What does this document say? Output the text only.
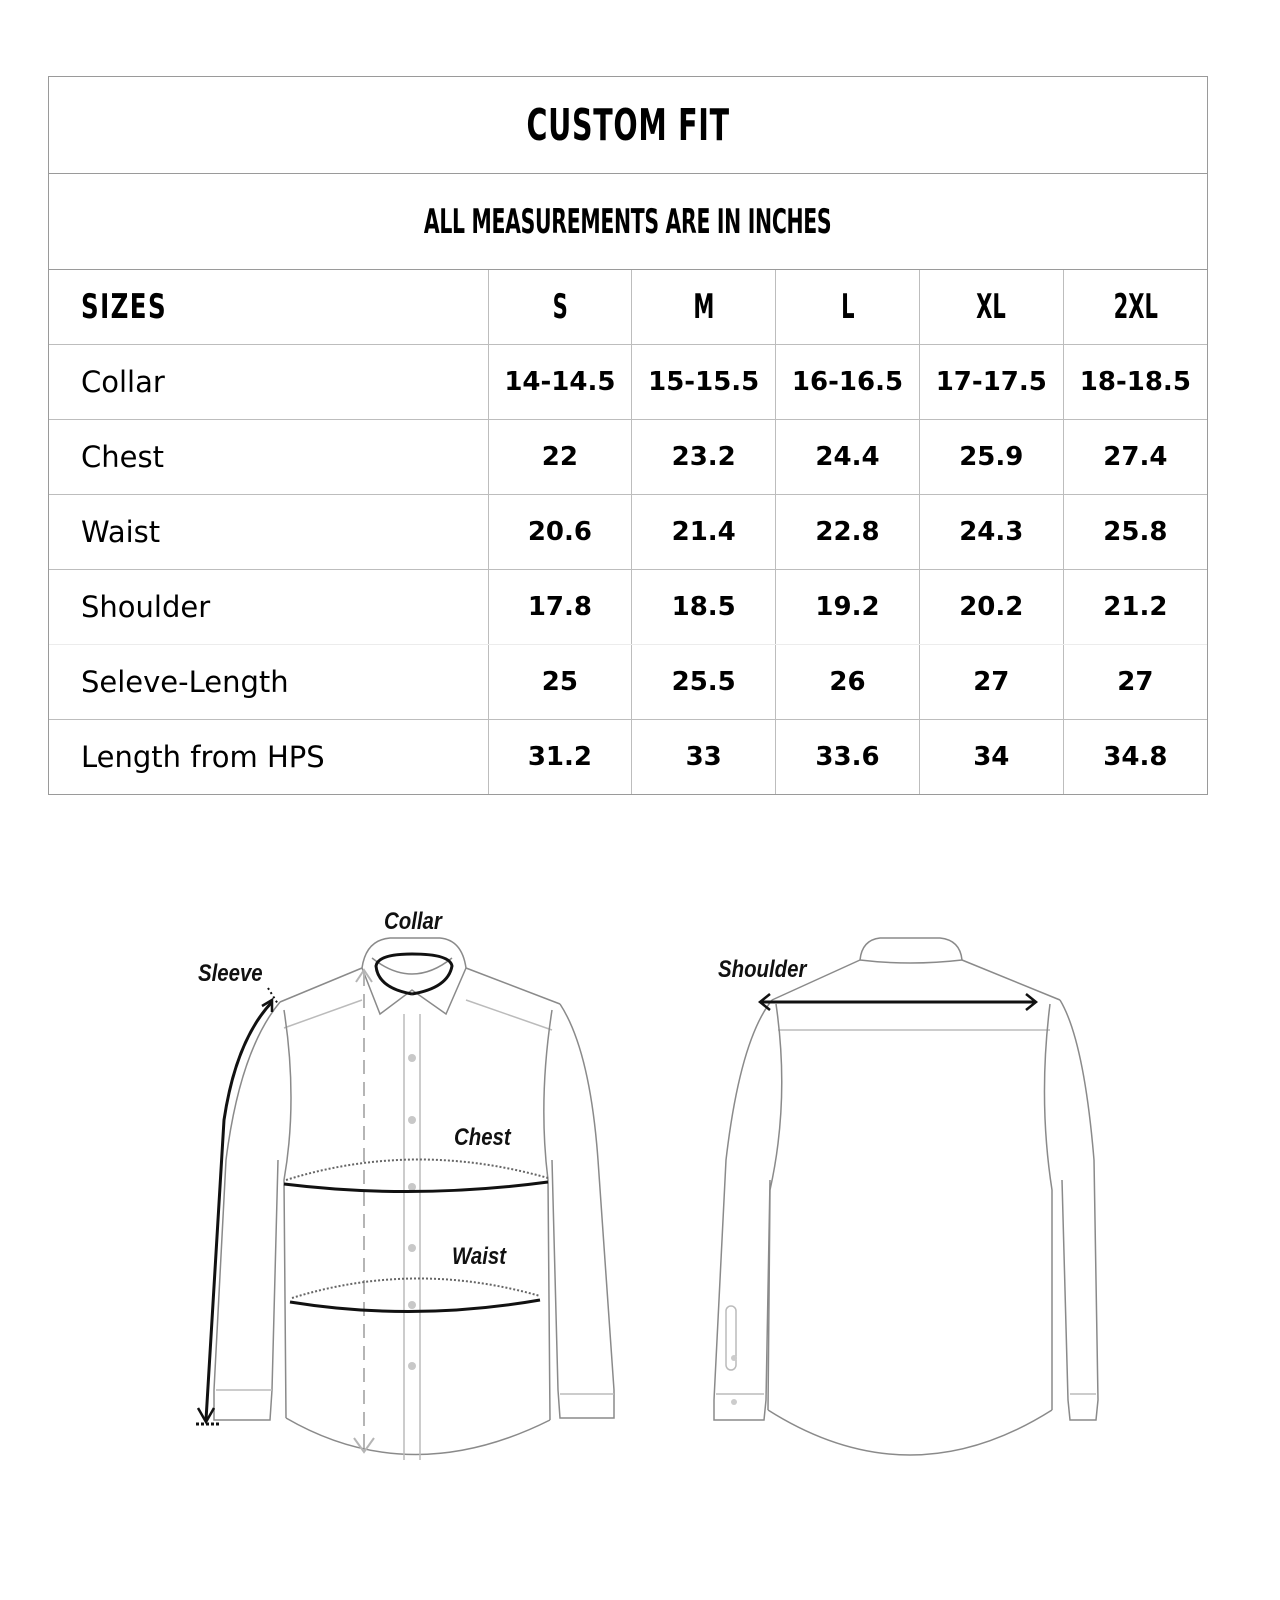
CUSTOM FIT
ALL MEASUREMENTS ARE IN INCHES
SIZES	S	M	L	XL	2XL
Collar	14-14.5	15-15.5	16-16.5	17-17.5	18-18.5
Chest	22	23.2	24.4	25.9	27.4
Waist	20.6	21.4	22.8	24.3	25.8
Shoulder	17.8	18.5	19.2	20.2	21.2
Seleve-Length	25	25.5	26	27	27
Length from HPS	31.2	33	33.6	34	34.8
Collar
Sleeve
Chest
Waist
Shoulder
